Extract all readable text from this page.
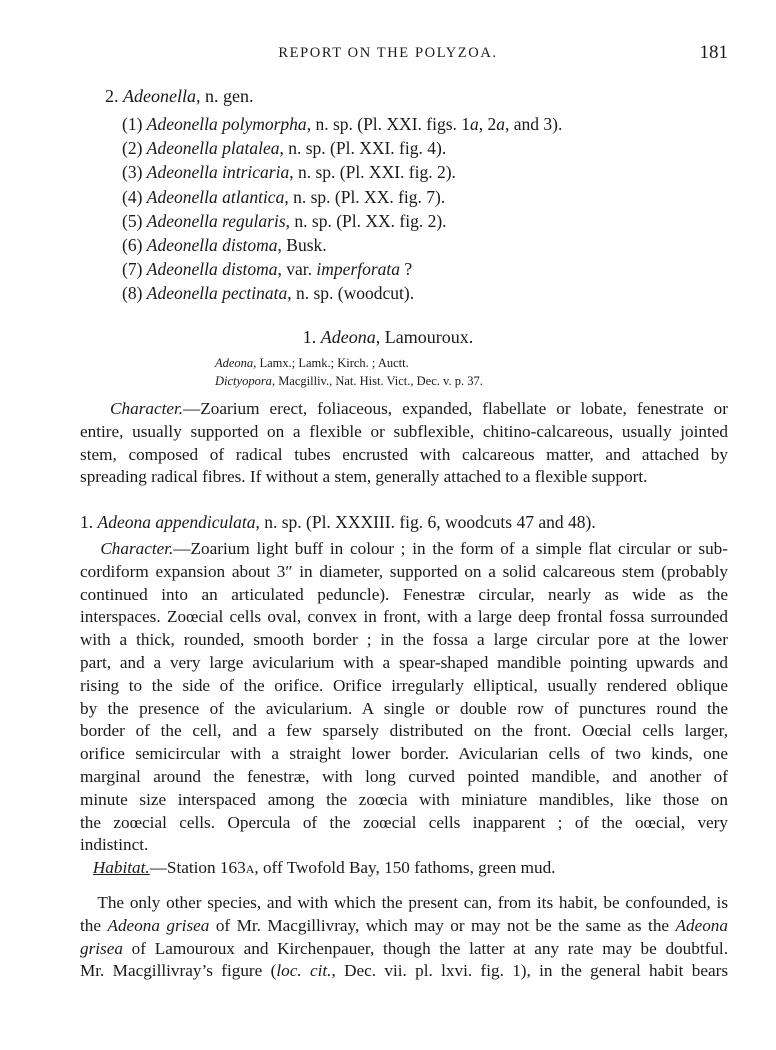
REPORT ON THE POLYZOA.	181
2. Adeonella, n. gen.
(1) Adeonella polymorpha, n. sp. (Pl. XXI. figs. 1a, 2a, and 3).
(2) Adeonella platalea, n. sp. (Pl. XXI. fig. 4).
(3) Adeonella intricaria, n. sp. (Pl. XXI. fig. 2).
(4) Adeonella atlantica, n. sp. (Pl. XX. fig. 7).
(5) Adeonella regularis, n. sp. (Pl. XX. fig. 2).
(6) Adeonella distoma, Busk.
(7) Adeonella distoma, var. imperforata ?
(8) Adeonella pectinata, n. sp. (woodcut).
1. Adeona, Lamouroux.
Adeona, Lamx.; Lamk.; Kirch. ; Auctt.
Dictyopora, Macgilliv., Nat. Hist. Vict., Dec. v. p. 37.
Character.—Zoarium erect, foliaceous, expanded, flabellate or lobate, fenestrate or
entire, usually supported on a flexible or subflexible, chitino-calcareous, usually jointed
stem, composed of radical tubes encrusted with calcareous matter, and attached by
spreading radical fibres. If without a stem, generally attached to a flexible support.
1. Adeona appendiculata, n. sp. (Pl. XXXIII. fig. 6, woodcuts 47 and 48).
Character.—Zoarium light buff in colour ; in the form of a simple flat circular or sub-
cordiform expansion about 3″ in diameter, supported on a solid calcareous stem (probably
continued into an articulated peduncle). Fenestræ circular, nearly as wide as the
interspaces. Zoœcial cells oval, convex in front, with a large deep frontal fossa surrounded
with a thick, rounded, smooth border ; in the fossa a large circular pore at the lower
part, and a very large avicularium with a spear-shaped mandible pointing upwards and
rising to the side of the orifice. Orifice irregularly elliptical, usually rendered oblique
by the presence of the avicularium. A single or double row of punctures round the
border of the cell, and a few sparsely distributed on the front. Oœcial cells larger,
orifice semicircular with a straight lower border. Avicularian cells of two kinds, one
marginal around the fenestræ, with long curved pointed mandible, and another of
minute size interspaced among the zoœcia with miniature mandibles, like those on
the zoœcial cells. Opercula of the zoœcial cells inapparent ; of the oœcial, very
indistinct.
Habitat.—Station 163a, off Twofold Bay, 150 fathoms, green mud.
The only other species, and with which the present can, from its habit, be confounded, is
the Adeona grisea of Mr. Macgillivray, which may or may not be the same as the Adeona
grisea of Lamouroux and Kirchenpauer, though the latter at any rate may be doubtful.
Mr. Macgillivray’s figure (loc. cit., Dec. vii. pl. lxvi. fig. 1), in the general habit bears
